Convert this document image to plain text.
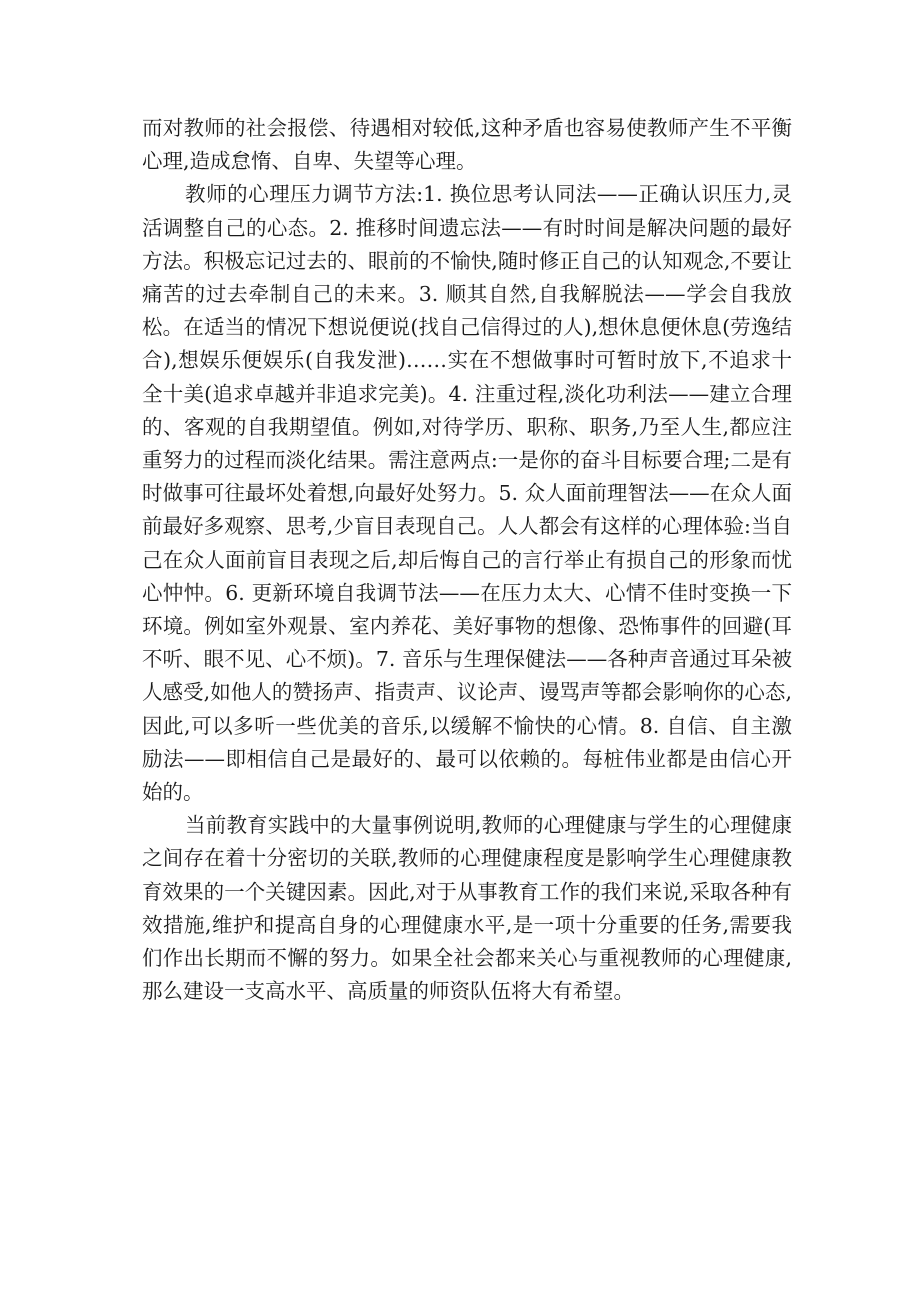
而对教师的社会报偿、待遇相对较低,这种矛盾也容易使教师产生不平衡心理,造成怠惰、自卑、失望等心理。

教师的心理压力调节方法:1. 换位思考认同法——正确认识压力,灵活调整自己的心态。2. 推移时间遗忘法——有时时间是解决问题的最好方法。积极忘记过去的、眼前的不愉快,随时修正自己的认知观念,不要让痛苦的过去牵制自己的未来。3. 顺其自然,自我解脱法——学会自我放松。在适当的情况下想说便说(找自己信得过的人),想休息便休息(劳逸结合),想娱乐便娱乐(自我发泄)……实在不想做事时可暂时放下,不追求十全十美(追求卓越并非追求完美)。4. 注重过程,淡化功利法——建立合理的、客观的自我期望值。例如,对待学历、职称、职务,乃至人生,都应注重努力的过程而淡化结果。需注意两点:一是你的奋斗目标要合理;二是有时做事可往最坏处着想,向最好处努力。5. 众人面前理智法——在众人面前最好多观察、思考,少盲目表现自己。人人都会有这样的心理体验:当自己在众人面前盲目表现之后,却后悔自己的言行举止有损自己的形象而忧心忡忡。6. 更新环境自我调节法——在压力太大、心情不佳时变换一下环境。例如室外观景、室内养花、美好事物的想像、恐怖事件的回避(耳不听、眼不见、心不烦)。7. 音乐与生理保健法——各种声音通过耳朵被人感受,如他人的赞扬声、指责声、议论声、谩骂声等都会影响你的心态,因此,可以多听一些优美的音乐,以缓解不愉快的心情。8. 自信、自主激励法——即相信自己是最好的、最可以依赖的。每桩伟业都是由信心开始的。

当前教育实践中的大量事例说明,教师的心理健康与学生的心理健康之间存在着十分密切的关联,教师的心理健康程度是影响学生心理健康教育效果的一个关键因素。因此,对于从事教育工作的我们来说,采取各种有效措施,维护和提高自身的心理健康水平,是一项十分重要的任务,需要我们作出长期而不懈的努力。如果全社会都来关心与重视教师的心理健康,那么建设一支高水平、高质量的师资队伍将大有希望。
